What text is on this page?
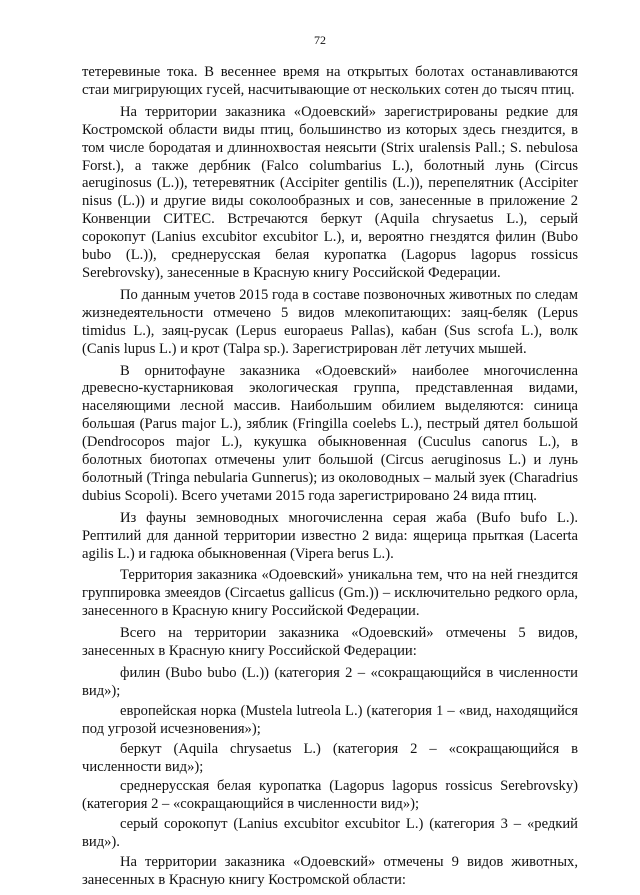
72

тетеревиные тока. В весеннее время на открытых болотах останавливаются стаи мигрирующих гусей, насчитывающие от нескольких сотен до тысяч птиц.

На территории заказника «Одоевский» зарегистрированы редкие для Костромской области виды птиц, большинство из которых здесь гнездится, в том числе бородатая и длиннохвостая неясыти (Strix uralensis Pall.; S. nebulosa Forst.), а также дербник (Falco columbarius L.), болотный лунь (Circus aeruginosus (L.)), тетеревятник (Accipiter gentilis (L.)), перепелятник (Accipiter nisus (L.)) и другие виды соколообразных и сов, занесенные в приложение 2 Конвенции СИТЕС. Встречаются беркут (Aquila chrysaetus L.), серый сорокопут (Lanius excubitor excubitor L.), и, вероятно гнездятся филин (Bubo bubo (L.)), среднерусская белая куропатка (Lagopus lagopus rossicus Serebrovsky), занесенные в Красную книгу Российской Федерации.

По данным учетов 2015 года в составе позвоночных животных по следам жизнедеятельности отмечено 5 видов млекопитающих: заяц-беляк (Lepus timidus L.), заяц-русак (Lepus europaeus Pallas), кабан (Sus scrofa L.), волк (Canis lupus L.) и крот (Talpa sp.). Зарегистрирован лёт летучих мышей.

В орнитофауне заказника «Одоевский» наиболее многочисленна древесно-кустарниковая экологическая группа, представленная видами, населяющими лесной массив. Наибольшим обилием выделяются: синица большая (Parus major L.), зяблик (Fringilla coelebs L.), пестрый дятел большой (Dendrocopos major L.), кукушка обыкновенная (Cuculus canorus L.), в болотных биотопах отмечены улит большой (Circus aeruginosus L.) и лунь болотный (Tringa nebularia Gunnerus); из околоводных – малый зуек (Charadrius dubius Scopoli). Всего учетами 2015 года зарегистрировано 24 вида птиц.

Из фауны земноводных многочисленна серая жаба (Bufo bufo L.). Рептилий для данной территории известно 2 вида: ящерица прыткая (Lacerta agilis L.) и гадюка обыкновенная (Vipera berus L.).

Территория заказника «Одоевский» уникальна тем, что на ней гнездится группировка змееядов (Circaetus gallicus (Gm.)) – исключительно редкого орла, занесенного в Красную книгу Российской Федерации.

Всего на территории заказника «Одоевский» отмечены 5 видов, занесенных в Красную книгу Российской Федерации:

филин (Bubo bubo (L.)) (категория 2 – «сокращающийся в численности вид»);

европейская норка (Mustela lutreola L.) (категория 1 – «вид, находящийся под угрозой исчезновения»);

беркут (Aquila chrysaetus L.) (категория 2 – «сокращающийся в численности вид»);

среднерусская белая куропатка (Lagopus lagopus rossicus Serebrovsky) (категория 2 – «сокращающийся в численности вид»);

серый сорокопут (Lanius excubitor excubitor L.) (категория 3 – «редкий вид»).

На территории заказника «Одоевский» отмечены 9 видов животных, занесенных в Красную книгу Костромской области:
